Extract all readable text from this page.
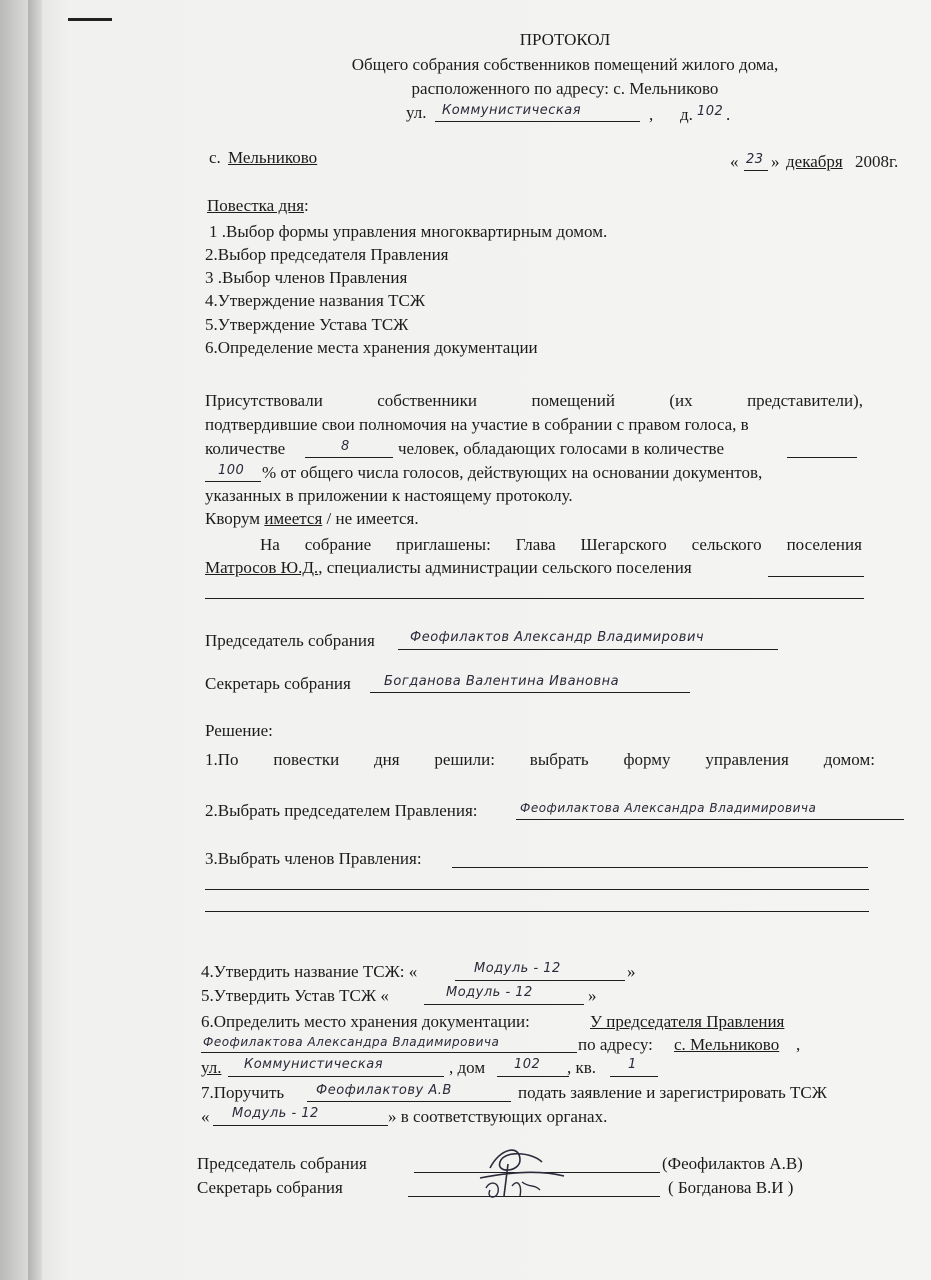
ПРОТОКОЛ
Общего собрания собственников помещений жилого дома,
расположенного по адресу: с. Мельниково
ул. Коммунистическая	, д. 102 .
с. Мельниково	« 23 » декабря 2008г.
Повестка дня:
1 .Выбор формы управления многоквартирным домом.
2.Выбор председателя Правления
3 .Выбор членов Правления
4.Утверждение названия ТСЖ
5.Утверждение Устава ТСЖ
6.Определение места хранения документации
Присутствовали	собственники	помещений	(их	представители),
подтвердившие свои полномочия на участие в собрании с правом голоса, в
количестве	8	человек, обладающих голосами в количестве
100 % от общего числа голосов, действующих на основании документов,
указанных в приложении к настоящему протоколу.
Кворум имеется / не имеется.
На собрание приглашены: Глава Шегарского сельского поселения
Матросов Ю.Д., специалисты администрации сельского поселения
Председатель собрания	Феофилактов Александр Владимирович
Секретарь собрания	Богданова Валентина Ивановна
Решение:
1.По повестки дня решили: выбрать форму управления домом:
2.Выбрать председателем Правления:	Феофилактова Александра Владимировича
3.Выбрать членов Правления:
4.Утвердить название ТСЖ: «	Модуль - 12	»
5.Утвердить Устав ТСЖ «	Модуль - 12	»
6.Определить место хранения документации:	У председателя Правления
Феофилактова Александра Владимировича	по адресу: с. Мельниково ,
ул. Коммунистическая	, дом 102 , кв. 1
7.Поручить Феофилактову А.В	подать заявление и зарегистрировать ТСЖ
« Модуль - 12	» в соответствующих органах.
Председатель собрания	(Феофилактов А.В)
Секретарь собрания	( Богданова В.И )
